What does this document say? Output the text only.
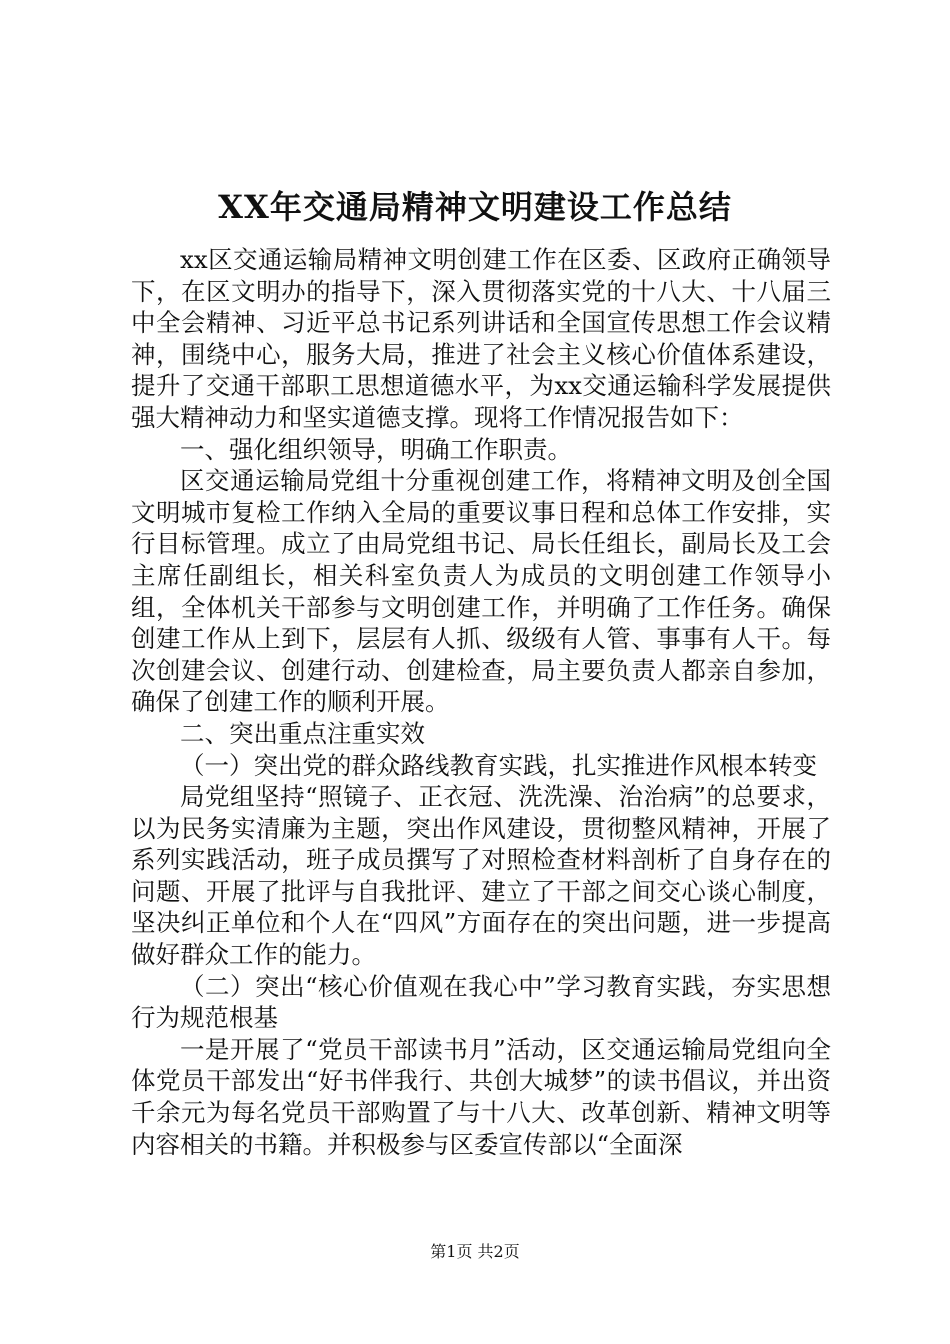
XX年交通局精神文明建设工作总结

xx区交通运输局精神文明创建工作在区委、区政府正确领导下，在区文明办的指导下，深入贯彻落实党的十八大、十八届三中全会精神、习近平总书记系列讲话和全国宣传思想工作会议精神，围绕中心，服务大局，推进了社会主义核心价值体系建设，提升了交通干部职工思想道德水平，为xx交通运输科学发展提供强大精神动力和坚实道德支撑。现将工作情况报告如下：

一、强化组织领导，明确工作职责。

区交通运输局党组十分重视创建工作，将精神文明及创全国文明城市复检工作纳入全局的重要议事日程和总体工作安排，实行目标管理。成立了由局党组书记、局长任组长，副局长及工会主席任副组长，相关科室负责人为成员的文明创建工作领导小组，全体机关干部参与文明创建工作，并明确了工作任务。确保创建工作从上到下，层层有人抓、级级有人管、事事有人干。每次创建会议、创建行动、创建检查，局主要负责人都亲自参加，确保了创建工作的顺利开展。

二、突出重点注重实效

（一）突出党的群众路线教育实践，扎实推进作风根本转变

局党组坚持“照镜子、正衣冠、洗洗澡、治治病”的总要求，以为民务实清廉为主题，突出作风建设，贯彻整风精神，开展了系列实践活动，班子成员撰写了对照检查材料剖析了自身存在的问题、开展了批评与自我批评、建立了干部之间交心谈心制度，坚决纠正单位和个人在“四风”方面存在的突出问题，进一步提高做好群众工作的能力。

（二）突出“核心价值观在我心中”学习教育实践，夯实思想行为规范根基

一是开展了“党员干部读书月”活动，区交通运输局党组向全体党员干部发出“好书伴我行、共创大城梦”的读书倡议，并出资千余元为每名党员干部购置了与十八大、改革创新、精神文明等内容相关的书籍。并积极参与区委宣传部以“全面深

第1页 共2页
